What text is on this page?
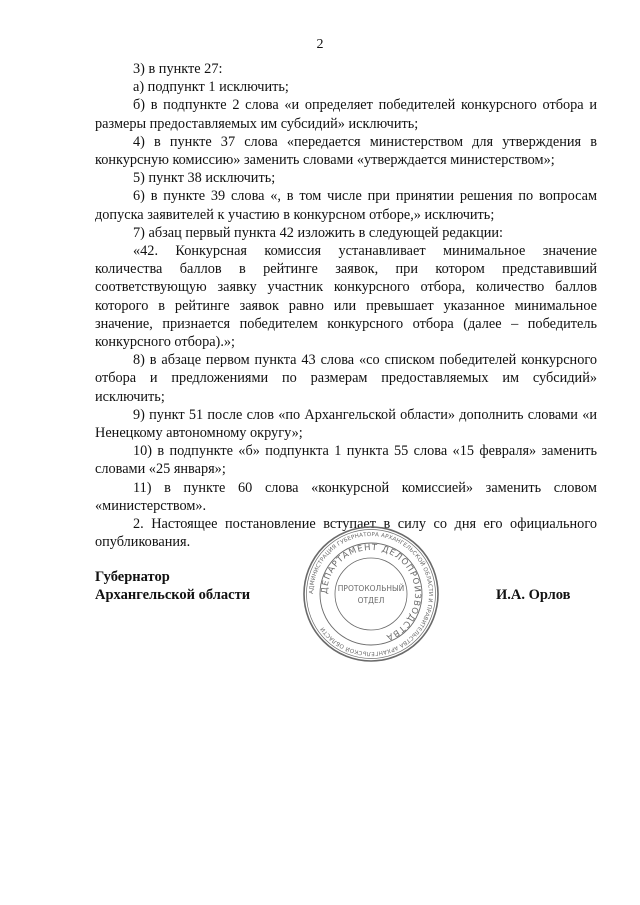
2

3) в пункте 27:

а) подпункт 1 исключить;

б) в подпункте 2 слова «и определяет победителей конкурсного отбора и размеры предоставляемых им субсидий» исключить;

4) в пункте 37 слова «передается министерством для утверждения в конкурсную комиссию» заменить словами «утверждается министерством»;

5) пункт 38 исключить;

6) в пункте 39 слова «, в том числе при принятии решения по вопросам допуска заявителей к участию в конкурсном отборе,» исключить;

7) абзац первый пункта 42 изложить в следующей редакции:

«42. Конкурсная комиссия устанавливает минимальное значение количества баллов в рейтинге заявок, при котором представивший соответствующую заявку участник конкурсного отбора, количество баллов которого в рейтинге заявок равно или превышает указанное минимальное значение, признается победителем конкурсного отбора (далее – победитель конкурсного отбора).»;

8) в абзаце первом пункта 43 слова «со списком победителей конкурсного отбора и предложениями по размерам предоставляемых им субсидий» исключить;

9) пункт 51 после слов «по Архангельской области» дополнить словами «и Ненецкому автономному округу»;

10) в подпункте «б» подпункта 1 пункта 55 слова «15 февраля» заменить словами «25 января»;

11) в пункте 60 слова «конкурсной комиссией» заменить словом «министерством».

2. Настоящее постановление вступает в силу со дня его официального опубликования.

Губернатор
Архангельской области	И.А. Орлов
АДМИНИСТРАЦИЯ ГУБЕРНАТОРА АРХАНГЕЛЬСКОЙ ОБЛАСТИ И ПРАВИТЕЛЬСТВА АРХАНГЕЛЬСКОЙ ОБЛАСТИ
ДЕПАРТАМЕНТ ДЕЛОПРОИЗВОДСТВА
ПРОТОКОЛЬНЫЙ
ОТДЕЛ
